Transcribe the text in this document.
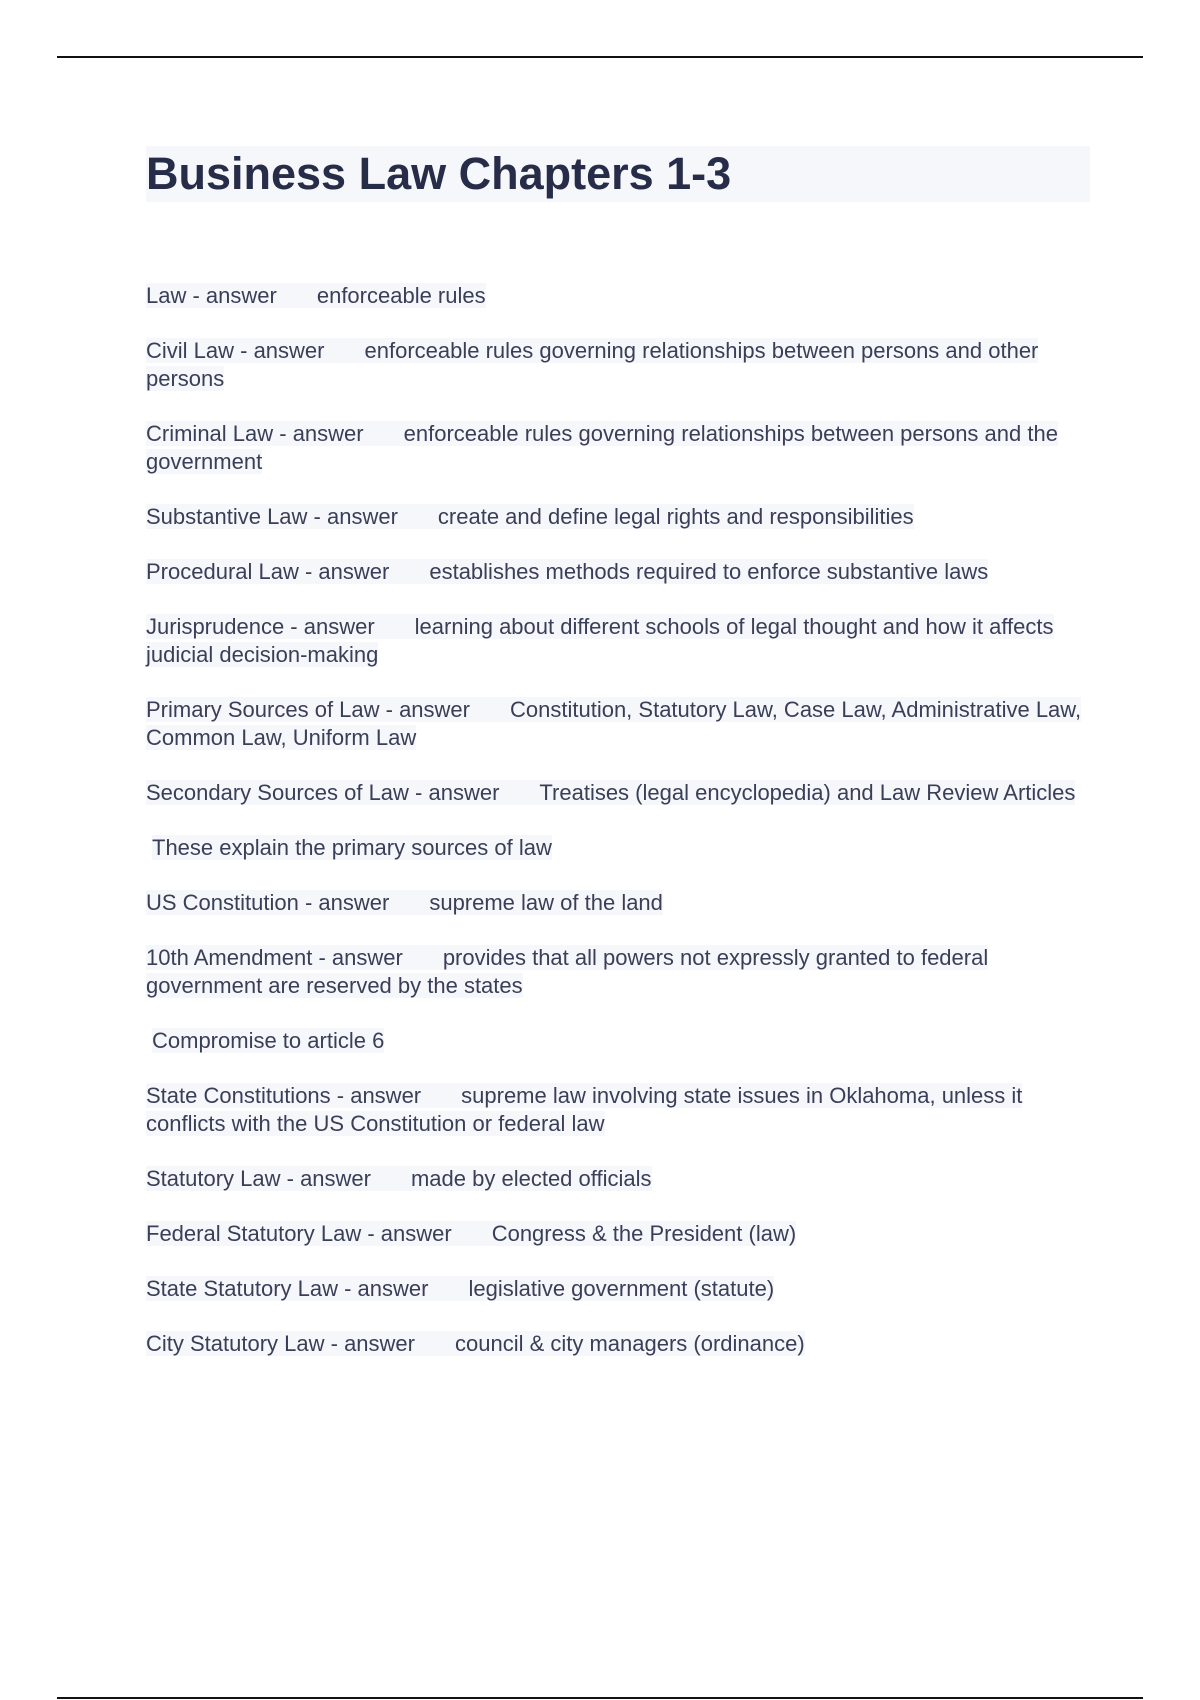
Business Law Chapters 1-3
Law - answer enforceable rules
Civil Law - answer enforceable rules governing relationships between persons and other persons
Criminal Law - answer enforceable rules governing relationships between persons and the government
Substantive Law - answer create and define legal rights and responsibilities
Procedural Law - answer establishes methods required to enforce substantive laws
Jurisprudence - answer learning about different schools of legal thought and how it affects judicial decision-making
Primary Sources of Law - answer Constitution, Statutory Law, Case Law, Administrative Law, Common Law, Uniform Law
Secondary Sources of Law - answer Treatises (legal encyclopedia) and Law Review Articles
These explain the primary sources of law
US Constitution - answer supreme law of the land
10th Amendment - answer provides that all powers not expressly granted to federal government are reserved by the states
Compromise to article 6
State Constitutions - answer supreme law involving state issues in Oklahoma, unless it conflicts with the US Constitution or federal law
Statutory Law - answer made by elected officials
Federal Statutory Law - answer Congress & the President (law)
State Statutory Law - answer legislative government (statute)
City Statutory Law - answer council & city managers (ordinance)
